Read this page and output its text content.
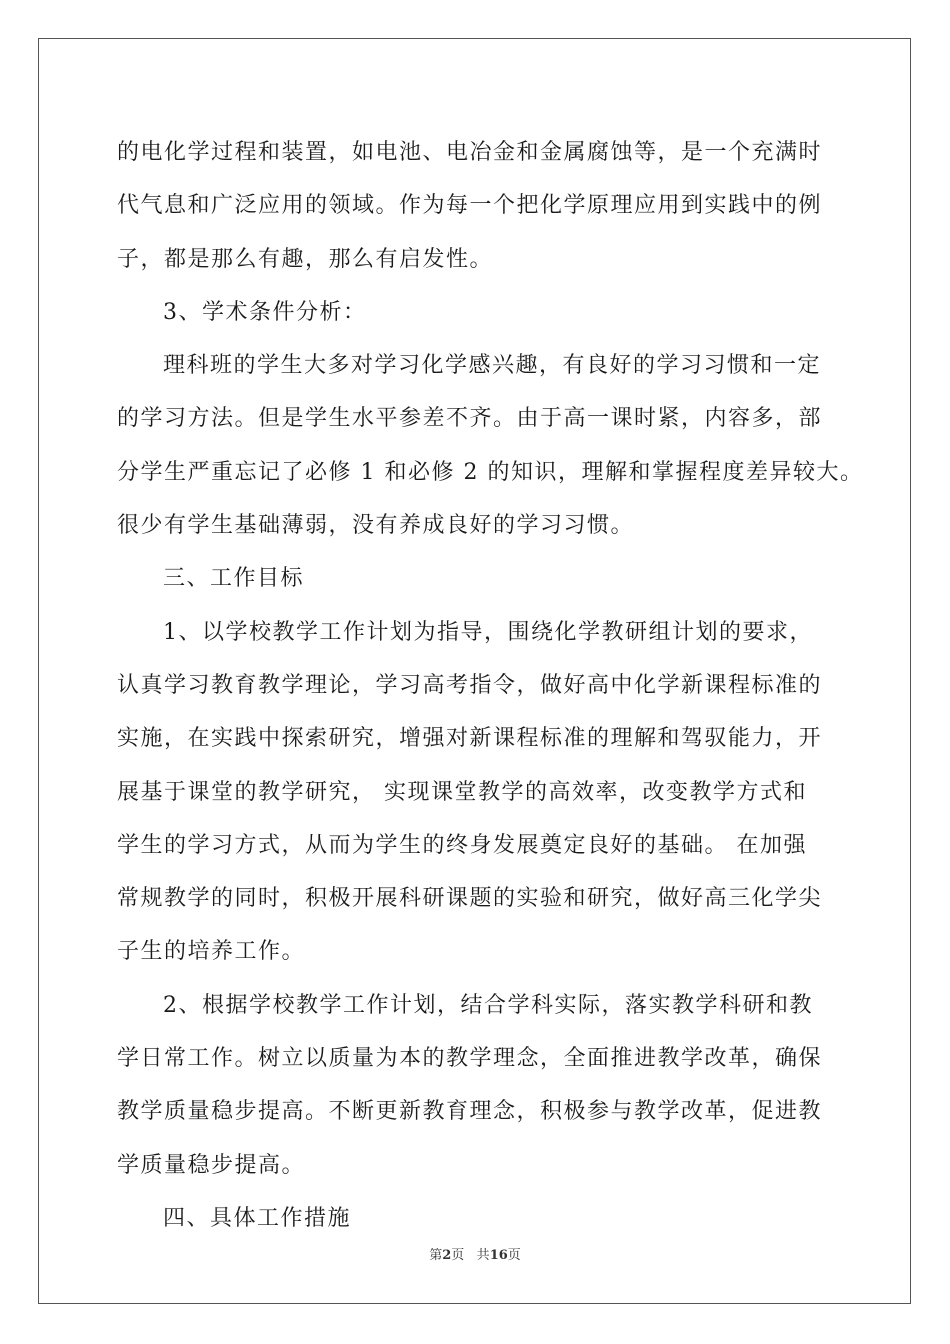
的电化学过程和装置，如电池、电冶金和金属腐蚀等，是一个充满时
代气息和广泛应用的领域。作为每一个把化学原理应用到实践中的例
子，都是那么有趣，那么有启发性。
3、学术条件分析：
理科班的学生大多对学习化学感兴趣，有良好的学习习惯和一定
的学习方法。但是学生水平参差不齐。由于高一课时紧，内容多，部
分学生严重忘记了必修 1 和必修 2 的知识，理解和掌握程度差异较大。
很少有学生基础薄弱，没有养成良好的学习习惯。
三、工作目标
1、以学校教学工作计划为指导，围绕化学教研组计划的要求，
认真学习教育教学理论，学习高考指令，做好高中化学新课程标准的
实施，在实践中探索研究，增强对新课程标准的理解和驾驭能力，开
展基于课堂的教学研究， 实现课堂教学的高效率，改变教学方式和
学生的学习方式，从而为学生的终身发展奠定良好的基础。 在加强
常规教学的同时，积极开展科研课题的实验和研究，做好高三化学尖
子生的培养工作。
2、根据学校教学工作计划，结合学科实际，落实教学科研和教
学日常工作。树立以质量为本的教学理念，全面推进教学改革，确保
教学质量稳步提高。不断更新教育理念，积极参与教学改革，促进教
学质量稳步提高。
四、具体工作措施
第2页 共16页
